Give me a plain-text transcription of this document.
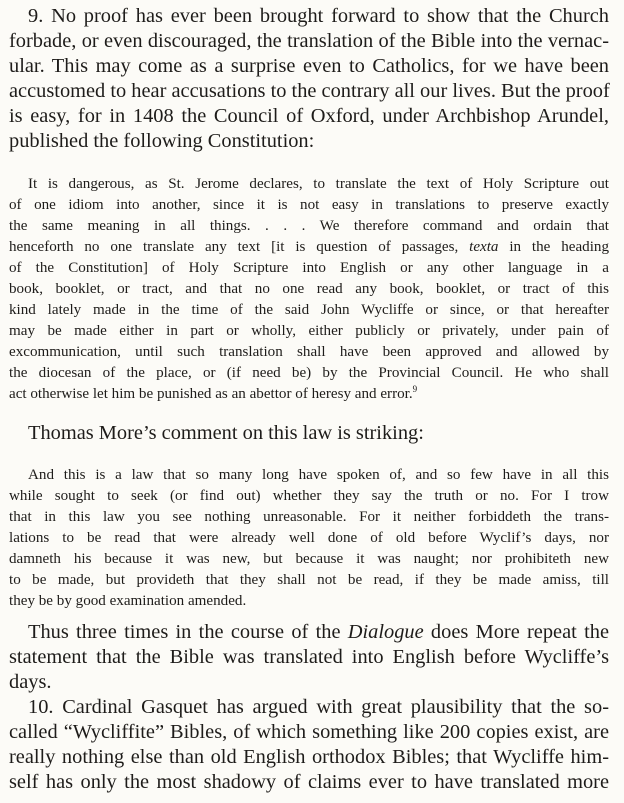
9. No proof has ever been brought forward to show that the Church

forbade, or even discouraged, the translation of the Bible into the vernac-

ular. This may come as a surprise even to Catholics, for we have been

accustomed to hear accusations to the contrary all our lives. But the proof

is easy, for in 1408 the Council of Oxford, under Archbishop Arundel,

published the following Constitution:

It is dangerous, as St. Jerome declares, to translate the text of Holy Scripture out

of one idiom into another, since it is not easy in translations to preserve exactly

the same meaning in all things. . . . We therefore command and ordain that

henceforth no one translate any text [it is question of passages, texta in the heading

of the Constitution] of Holy Scripture into English or any other language in a

book, booklet, or tract, and that no one read any book, booklet, or tract of this

kind lately made in the time of the said John Wycliffe or since, or that hereafter

may be made either in part or wholly, either publicly or privately, under pain of

excommunication, until such translation shall have been approved and allowed by

the diocesan of the place, or (if need be) by the Provincial Council. He who shall

act otherwise let him be punished as an abettor of heresy and error.$^9$

Thomas More’s comment on this law is striking:

And this is a law that so many long have spoken of, and so few have in all this

while sought to seek (or find out) whether they say the truth or no. For I trow

that in this law you see nothing unreasonable. For it neither forbiddeth the trans-

lations to be read that were already well done of old before Wyclif’s days, nor

damneth his because it was new, but because it was naught; nor prohibiteth new

to be made, but provideth that they shall not be read, if they be made amiss, till

they be by good examination amended.

Thus three times in the course of the Dialogue does More repeat the

statement that the Bible was translated into English before Wycliffe’s

days.

10. Cardinal Gasquet has argued with great plausibility that the so-

called “Wycliffite” Bibles, of which something like 200 copies exist, are

really nothing else than old English orthodox Bibles; that Wycliffe him-

self has only the most shadowy of claims ever to have translated more
